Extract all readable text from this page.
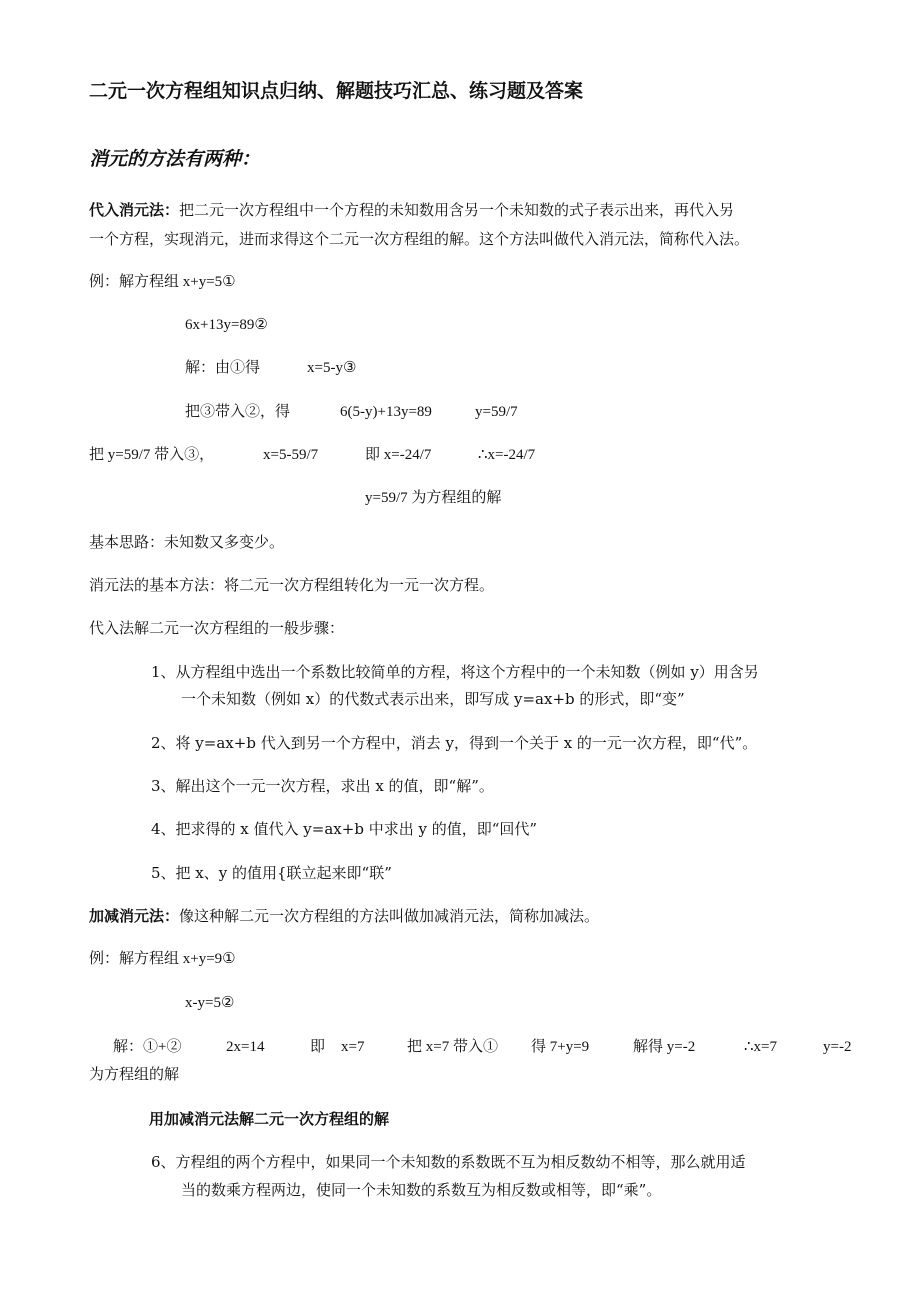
二元一次方程组知识点归纳、解题技巧汇总、练习题及答案
消元的方法有两种：
代入消元法：把二元一次方程组中一个方程的未知数用含另一个未知数的式子表示出来，再代入另
一个方程，实现消元，进而求得这个二元一次方程组的解。这个方法叫做代入消元法，简称代入法。
例：解方程组 x+y=5①
6x+13y=89②
解：由①得	x=5-y③
把③带入②，得	6(5-y)+13y=89	y=59/7
把 y=59/7 带入③，	x=5-59/7	即 x=-24/7	∴x=-24/7
y=59/7 为方程组的解
基本思路：未知数又多变少。
消元法的基本方法：将二元一次方程组转化为一元一次方程。
代入法解二元一次方程组的一般步骤：
1、从方程组中选出一个系数比较简单的方程，将这个方程中的一个未知数（例如 y）用含另
一个未知数（例如 x）的代数式表示出来，即写成 y=ax+b 的形式，即“变”
2、将 y=ax+b 代入到另一个方程中，消去 y，得到一个关于 x 的一元一次方程，即“代”。
3、解出这个一元一次方程，求出 x 的值，即“解”。
4、把求得的 x 值代入 y=ax+b 中求出 y 的值，即“回代”
5、把 x、y 的值用{联立起来即“联”
加减消元法：像这种解二元一次方程组的方法叫做加减消元法，简称加减法。
例：解方程组 x+y=9①
x-y=5②
解：①+②	2x=14	即 x=7	把 x=7 带入① 得 7+y=9	解得 y=-2	∴x=7	y=-2
为方程组的解
用加减消元法解二元一次方程组的解
6、方程组的两个方程中，如果同一个未知数的系数既不互为相反数幼不相等，那么就用适
当的数乘方程两边，使同一个未知数的系数互为相反数或相等，即“乘”。
